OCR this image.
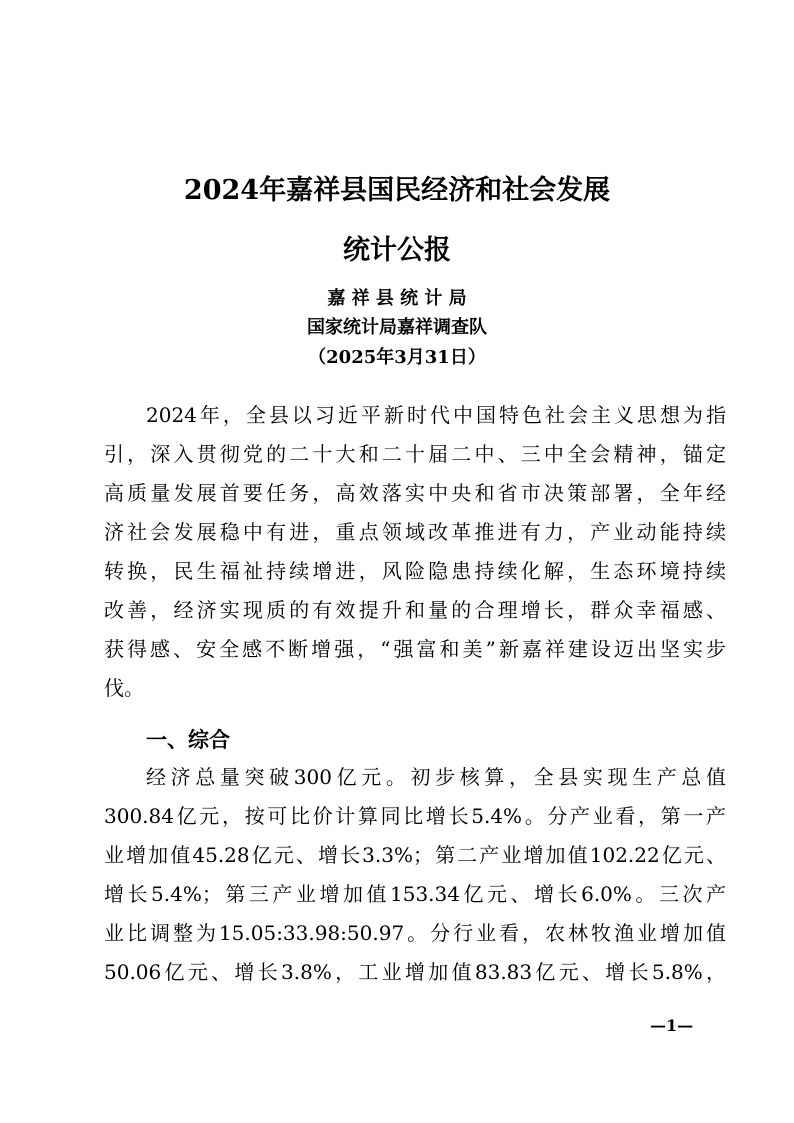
2024年嘉祥县国民经济和社会发展
统计公报
嘉 祥 县 统 计 局
国家统计局嘉祥调查队
（2025年3月31日）
2024年，全县以习近平新时代中国特色社会主义思想为指
引，深入贯彻党的二十大和二十届二中、三中全会精神，锚定
高质量发展首要任务，高效落实中央和省市决策部署，全年经
济社会发展稳中有进，重点领域改革推进有力，产业动能持续
转换，民生福祉持续增进，风险隐患持续化解，生态环境持续
改善，经济实现质的有效提升和量的合理增长，群众幸福感、
获得感、安全感不断增强，“强富和美”新嘉祥建设迈出坚实步
伐。
一、综合
经济总量突破300亿元。初步核算，全县实现生产总值
300.84亿元，按可比价计算同比增长5.4%。分产业看，第一产
业增加值45.28亿元、增长3.3%；第二产业增加值102.22亿元、
增长5.4%；第三产业增加值153.34亿元、增长6.0%。三次产
业比调整为15.05:33.98:50.97。分行业看，农林牧渔业增加值
50.06亿元、增长3.8%，工业增加值83.83亿元、增长5.8%，
—1—
